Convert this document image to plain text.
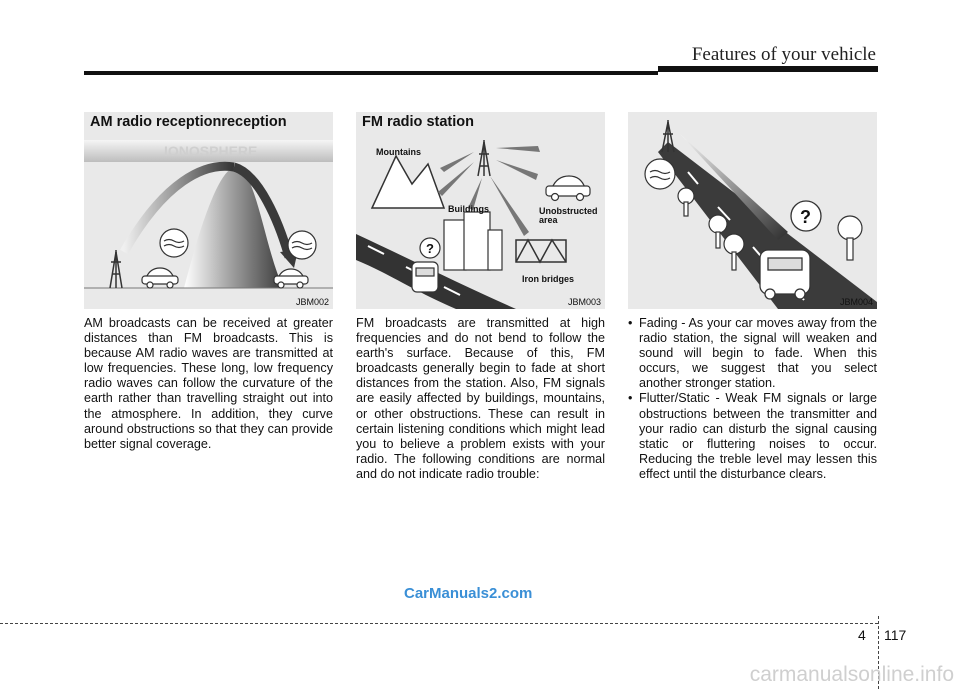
Features of your vehicle
IONOSPHERE
AM radio receptionreception
JBM002
Mountains
Buildings	Unobstructed
area
Iron bridges
?
FM radio station
JBM003
?
JBM004
AM broadcasts can be received at greater distances than FM broadcasts. This is because AM radio waves are transmitted at low frequencies. These long, low frequency radio waves can follow the curvature of the earth rather than travelling straight out into the atmosphere. In addition, they curve around obstructions so that they can provide better signal coverage.
FM broadcasts are transmitted at high frequencies and do not bend to follow the earth's surface. Because of this, FM broadcasts generally begin to fade at short distances from the station. Also, FM signals are easily affected by buildings, mountains, or other obstructions. These can result in certain listening conditions which might lead you to believe a problem exists with your radio. The following conditions are normal and do not indicate radio trouble:
• Fading - As your car moves away from the radio station, the signal will weaken and sound will begin to fade. When this occurs, we suggest that you select another stronger station.
• Flutter/Static - Weak FM signals or large obstructions between the transmitter and your radio can disturb the signal causing static or fluttering noises to occur. Reducing the treble level may lessen this effect until the disturbance clears.
CarManuals2.com
4 117
carmanualsonline.info
